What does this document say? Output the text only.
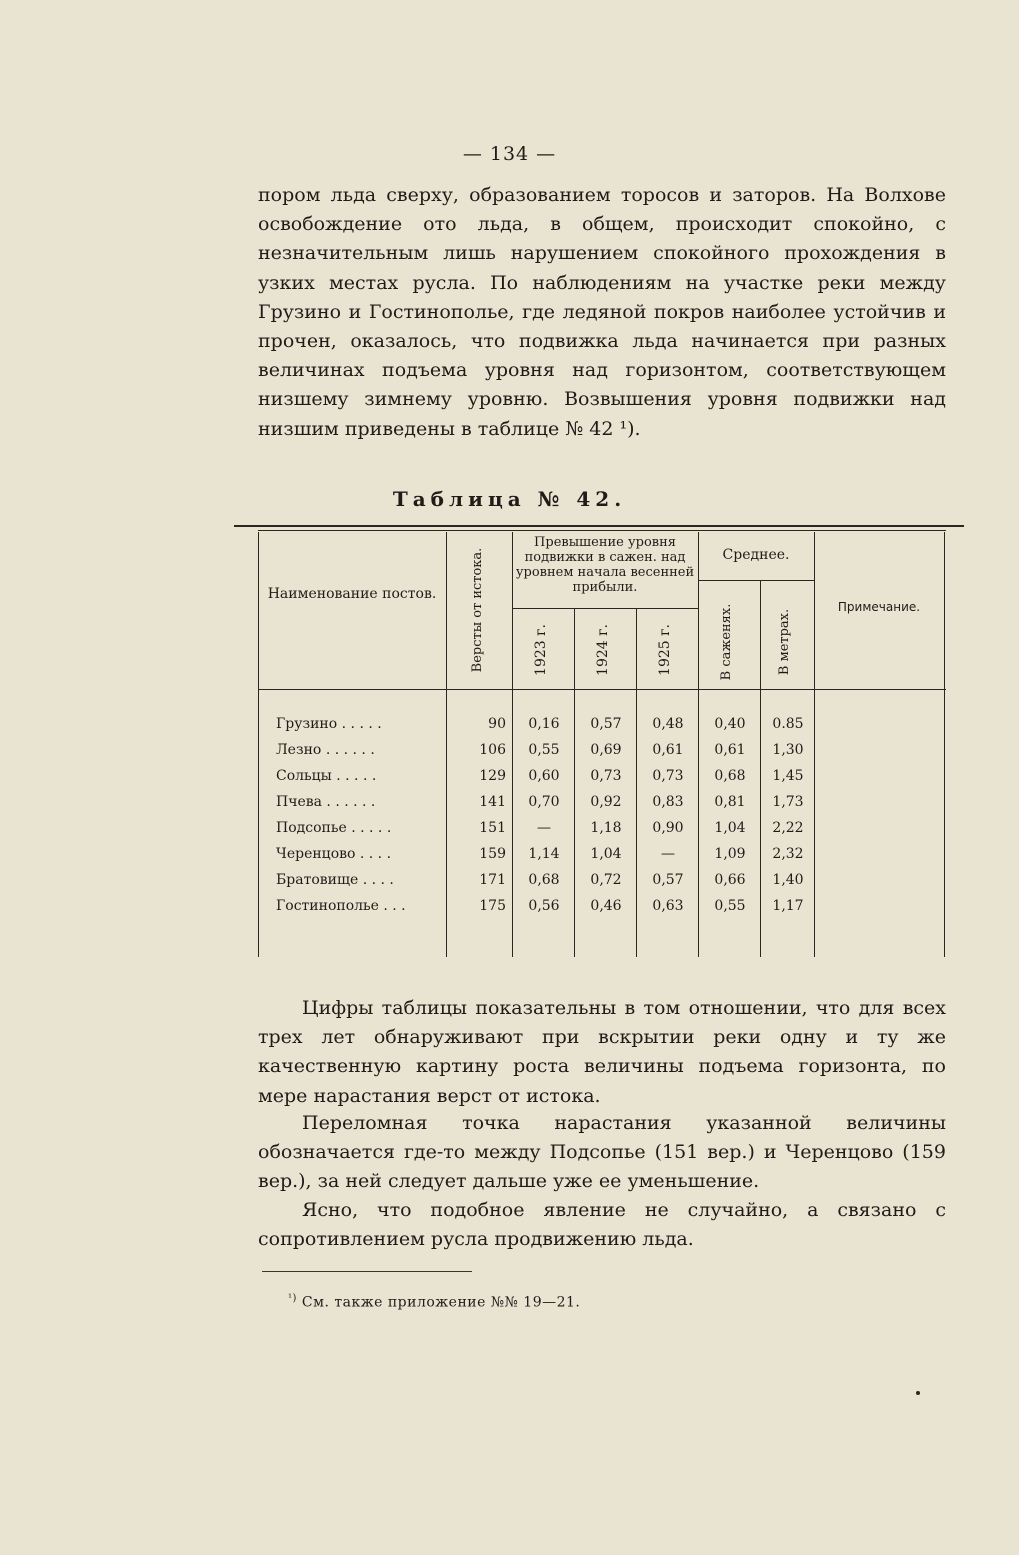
— 134 —

пором льда сверху, образованием торосов и заторов. На Волхове освобождение ото льда, в общем, происходит спокойно, с незначительным лишь нарушением спокойного прохождения в узких местах русла. По наблюдениям на участке реки между Грузино и Гостинополье, где ледяной покров наиболее устойчив и прочен, оказалось, что подвижка льда начинается при разных величинах подъема уровня над горизонтом, соответствующем низшему зимнему уровню. Возвышения уровня подвижки над низшим приведены в таблице № 42 ¹).

Таблица № 42.
Наименование постов.	Версты от истока.
Превышение уровня подвижки в сажен. над уровнем начала весенней прибыли.
1923 г.	1924 г.	1925 г.
Среднее.
В саженях.	В метрах.
Примечание.
Грузино . . . . .	90	0,16	0,57	0,48	0,40	0.85
Лезно . . . . . .	106	0,55	0,69	0,61	0,61	1,30
Сольцы . . . . .	129	0,60	0,73	0,73	0,68	1,45
Пчева . . . . . .	141	0,70	0,92	0,83	0,81	1,73
Подсопье . . . . .	151	—	1,18	0,90	1,04	2,22
Черенцово . . . .	159	1,14	1,04	—	1,09	2,32
Братовище . . . .	171	0,68	0,72	0,57	0,66	1,40
Гостинополье . . .	175	0,56	0,46	0,63	0,55	1,17

Цифры таблицы показательны в том отношении, что для всех трех лет обнаруживают при вскрытии реки одну и ту же качественную картину роста величины подъема горизонта, по мере нарастания верст от истока.

Переломная точка нарастания указанной величины обозначается где-то между Подсопье (151 вер.) и Черенцово (159 вер.), за ней следует дальше уже ее уменьшение.

Ясно, что подобное явление не случайно, а связано с сопротивлением русла продвижению льда.

$^{^1)}$ См. также приложение №№ 19—21.
